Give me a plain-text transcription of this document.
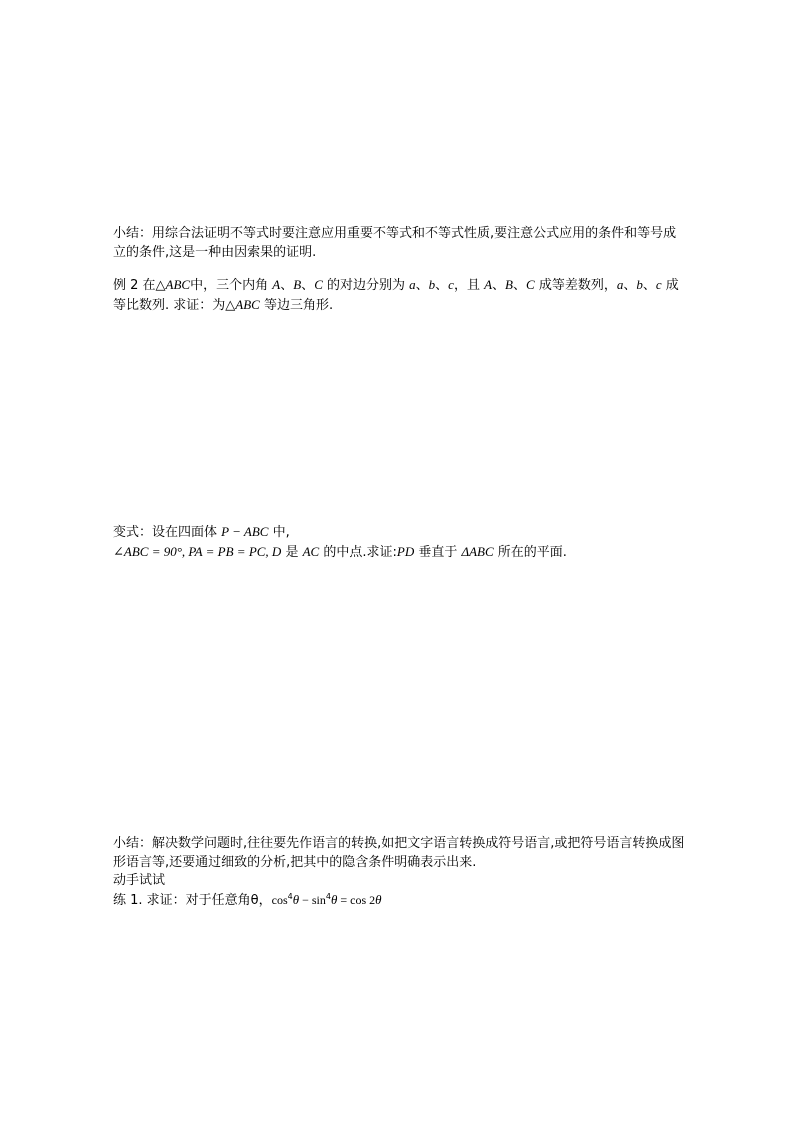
小结：用综合法证明不等式时要注意应用重要不等式和不等式性质,要注意公式应用的条件和等号成立的条件,这是一种由因索果的证明.

例 2 在△ABC中，三个内角 A、B、C 的对边分别为 a、b、c，且 A、B、C 成等差数列，a、b、c 成等比数列. 求证：为△ABC 等边三角形.

变式：设在四面体 P − ABC 中,
∠ABC = 90°, PA = PB = PC, D 是 AC 的中点.求证:PD 垂直于 ΔABC 所在的平面.

小结：解决数学问题时,往往要先作语言的转换,如把文字语言转换成符号语言,或把符号语言转换成图形语言等,还要通过细致的分析,把其中的隐含条件明确表示出来.

动手试试

练 1. 求证：对于任意角θ，$\cos^4\theta - \sin^4\theta = \cos 2\theta$
